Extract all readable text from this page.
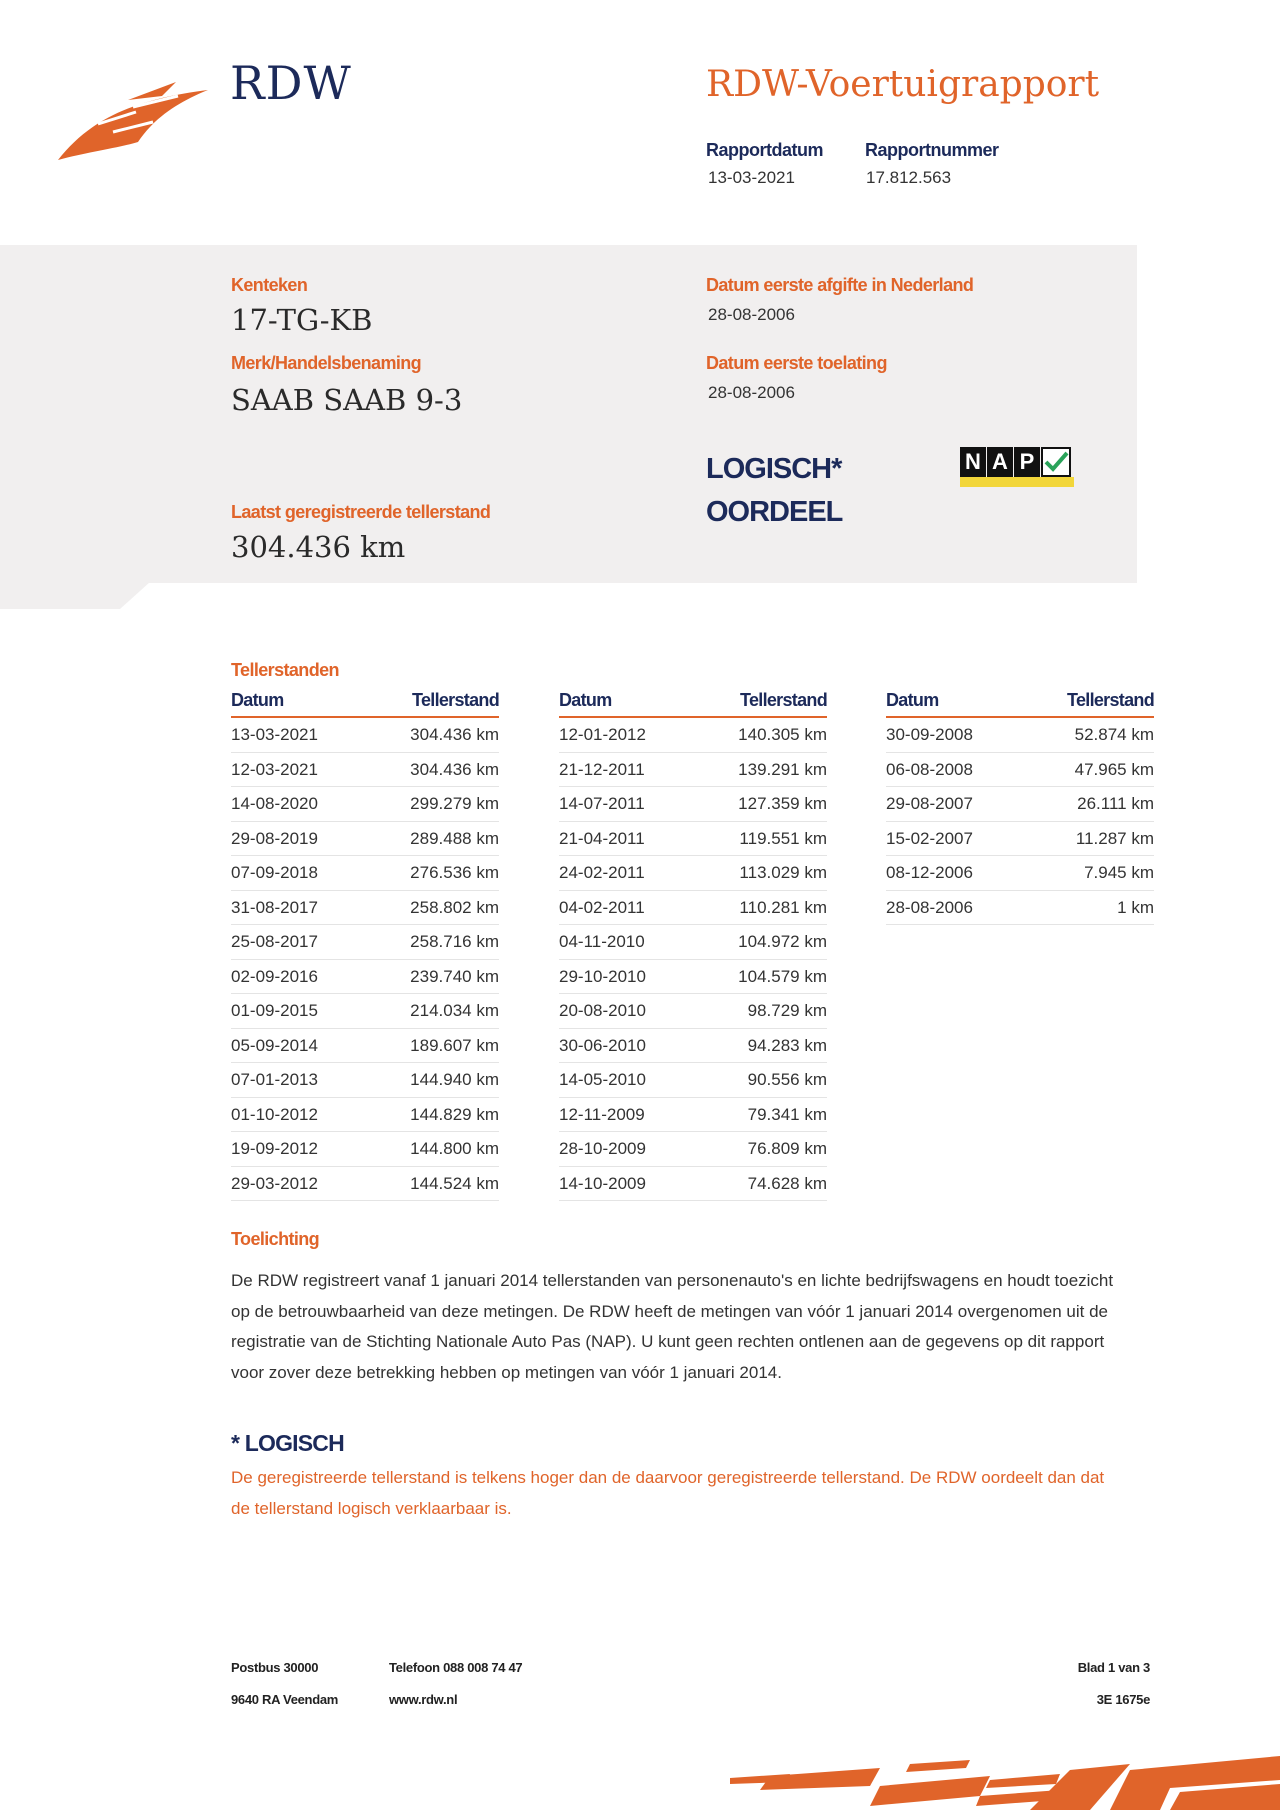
RDW	RDW-Voertuigrapport
Rapportdatum
13-03-2021
Rapportnummer
17.812.563
Kenteken
17-TG-KB
Merk/Handelsbenaming
SAAB SAAB 9-3
Datum eerste afgifte in Nederland
28-08-2006
Datum eerste toelating
28-08-2006
LOGISCH*
OORDEEL
N A P
Laatst geregistreerde tellerstand
304.436 km
Tellerstanden
Datum	Tellerstand
13-03-2021	304.436 km
12-03-2021	304.436 km
14-08-2020	299.279 km
29-08-2019	289.488 km
07-09-2018	276.536 km
31-08-2017	258.802 km
25-08-2017	258.716 km
02-09-2016	239.740 km
01-09-2015	214.034 km
05-09-2014	189.607 km
07-01-2013	144.940 km
01-10-2012	144.829 km
19-09-2012	144.800 km
29-03-2012	144.524 km
Datum	Tellerstand
12-01-2012	140.305 km
21-12-2011	139.291 km
14-07-2011	127.359 km
21-04-2011	119.551 km
24-02-2011	113.029 km
04-02-2011	110.281 km
04-11-2010	104.972 km
29-10-2010	104.579 km
20-08-2010	98.729 km
30-06-2010	94.283 km
14-05-2010	90.556 km
12-11-2009	79.341 km
28-10-2009	76.809 km
14-10-2009	74.628 km
Datum	Tellerstand
30-09-2008	52.874 km
06-08-2008	47.965 km
29-08-2007	26.111 km
15-02-2007	11.287 km
08-12-2006	7.945 km
28-08-2006	1 km
Toelichting
De RDW registreert vanaf 1 januari 2014 tellerstanden van personenauto's en lichte bedrijfswagens en houdt toezicht op de betrouwbaarheid van deze metingen. De RDW heeft de metingen van vóór 1 januari 2014 overgenomen uit de registratie van de Stichting Nationale Auto Pas (NAP). U kunt geen rechten ontlenen aan de gegevens op dit rapport voor zover deze betrekking hebben op metingen van vóór 1 januari 2014.
* LOGISCH
De geregistreerde tellerstand is telkens hoger dan de daarvoor geregistreerde tellerstand. De RDW oordeelt dan dat de tellerstand logisch verklaarbaar is.
Postbus 30000
9640 RA Veendam
Telefoon 088 008 74 47
www.rdw.nl
Blad 1 van 3
3E 1675e
